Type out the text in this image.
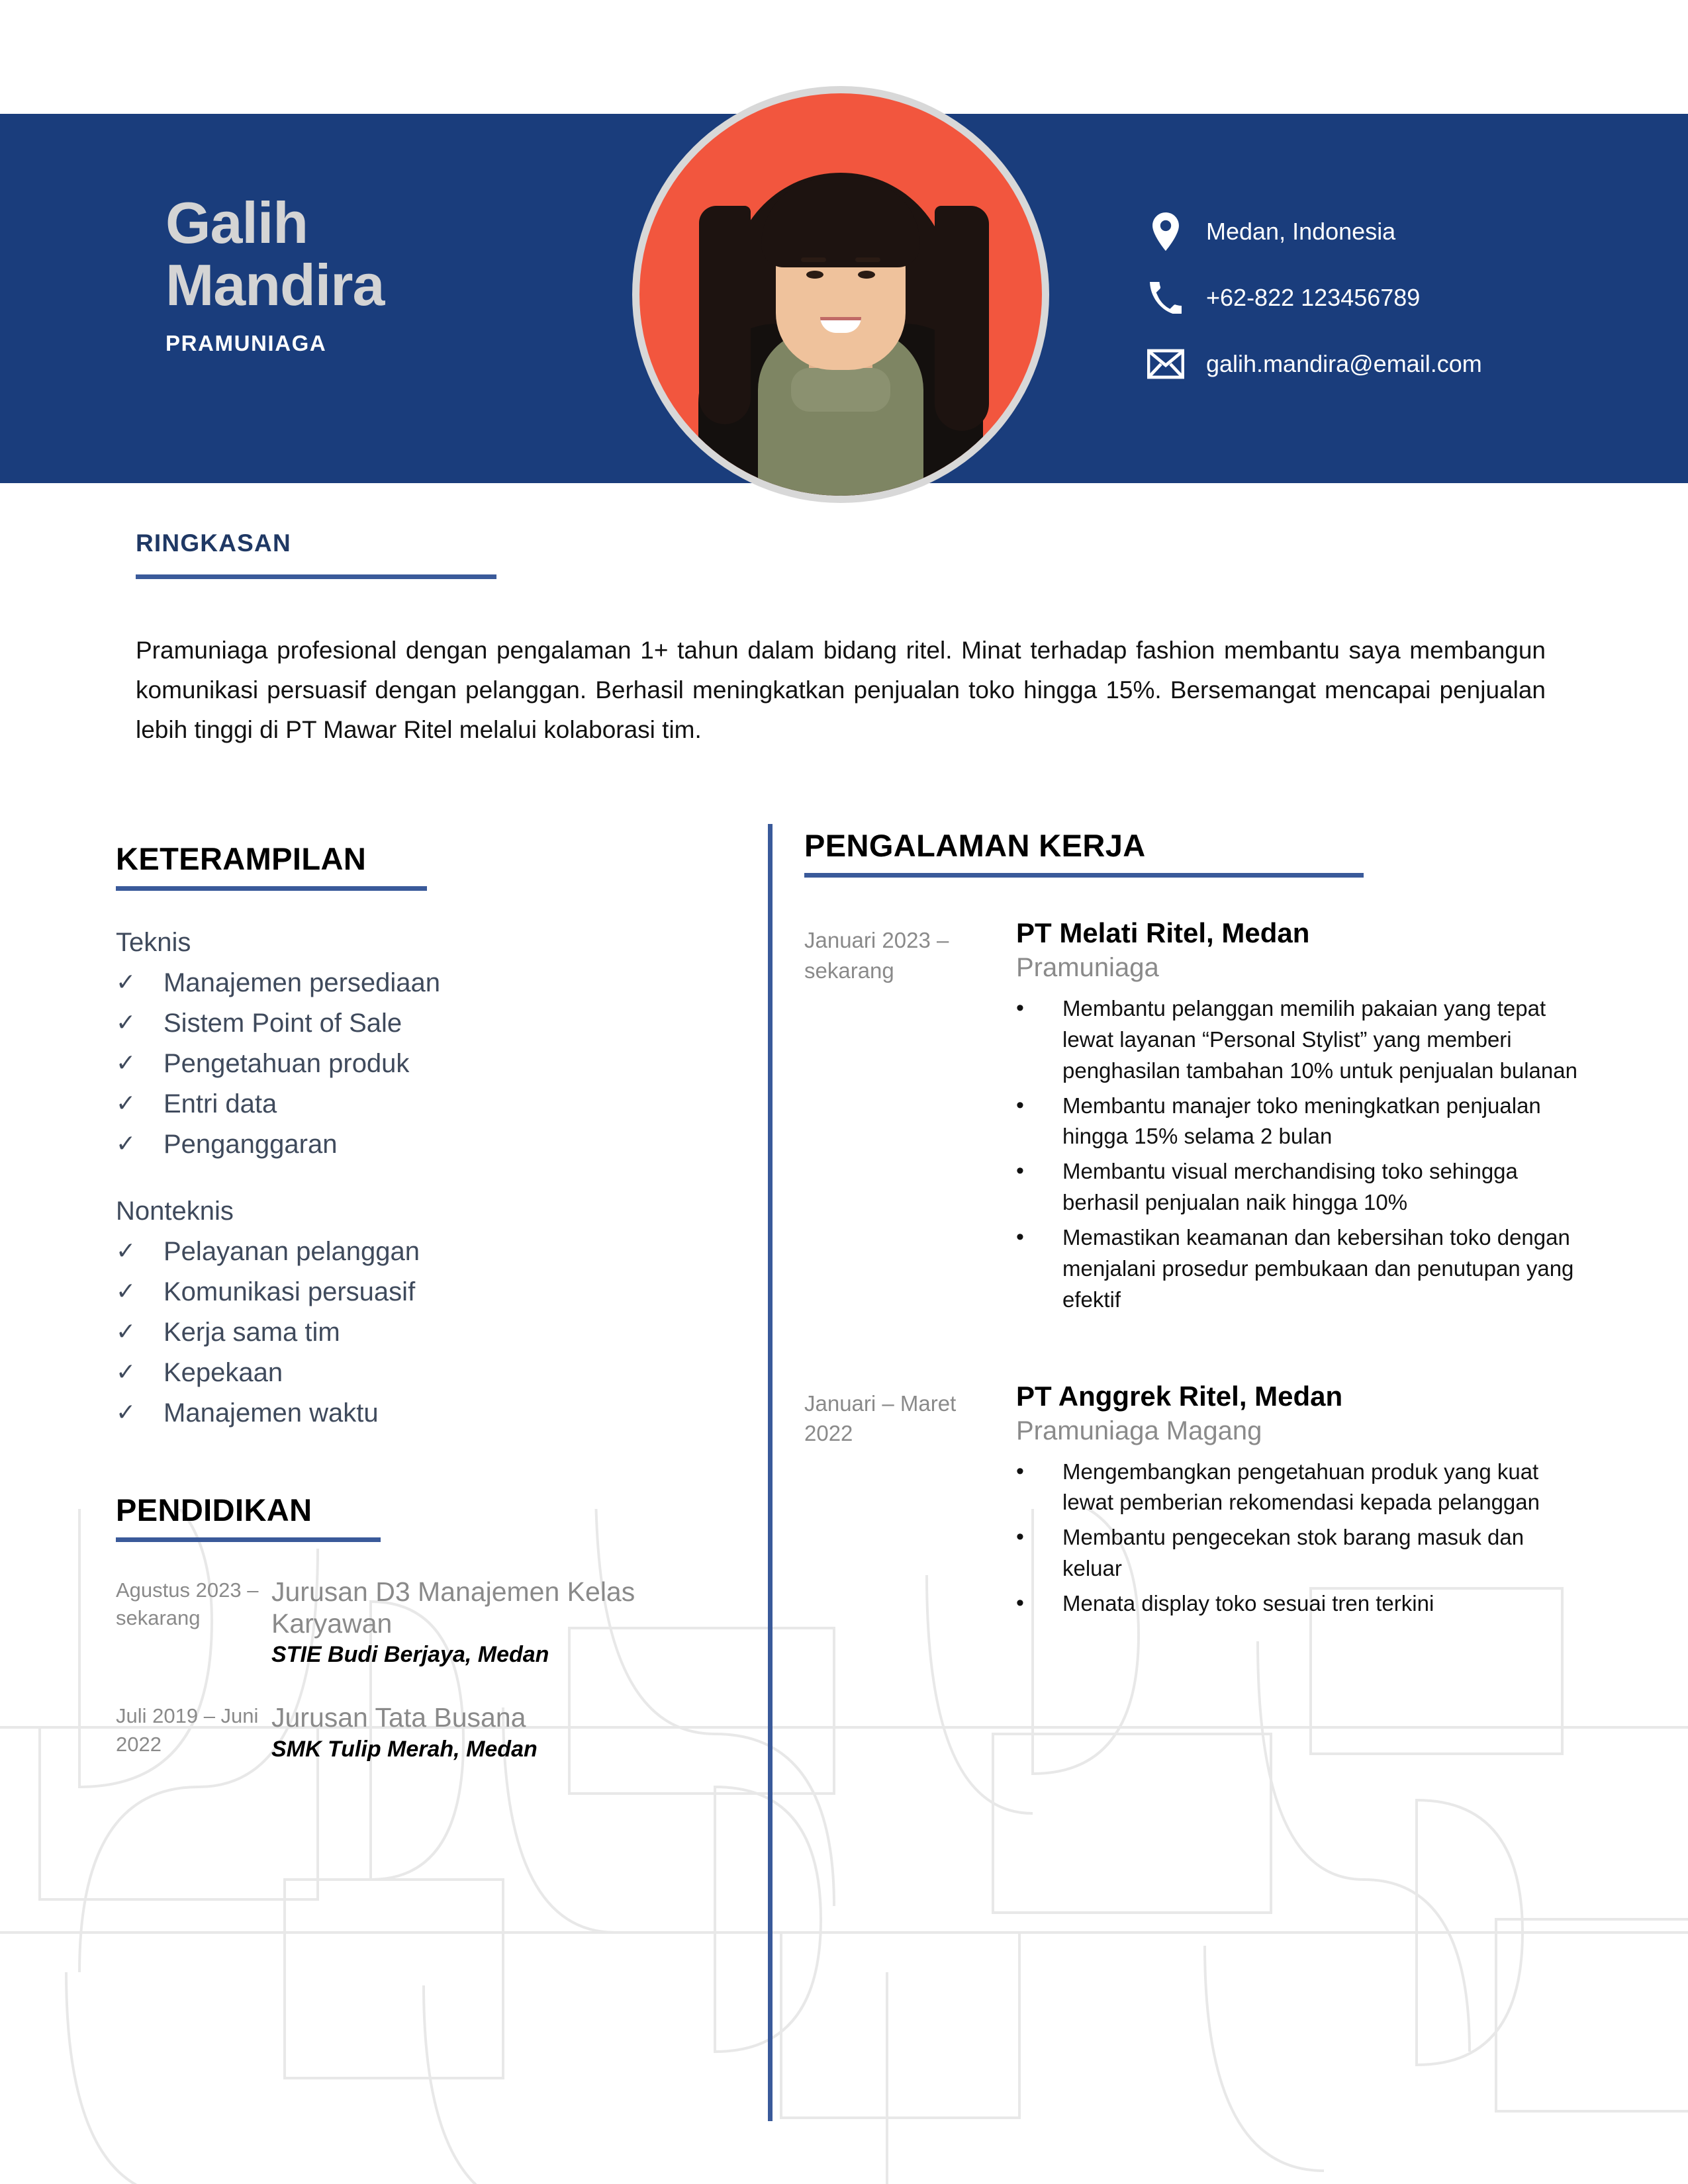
Galih
Mandira
PRAMUNIAGA
Medan, Indonesia
+62-822 123456789
galih.mandira@email.com
RINGKASAN
Pramuniaga profesional dengan pengalaman 1+ tahun dalam bidang ritel. Minat terhadap fashion membantu saya membangun komunikasi persuasif dengan pelanggan. Berhasil meningkatkan penjualan toko hingga 15%. Bersemangat mencapai penjualan lebih tinggi di PT Mawar Ritel melalui kolaborasi tim.
KETERAMPILAN
Teknis
✓	Manajemen persediaan
✓	Sistem Point of Sale
✓	Pengetahuan produk
✓	Entri data
✓	Penganggaran
Nonteknis
✓	Pelayanan pelanggan
✓	Komunikasi persuasif
✓	Kerja sama tim
✓	Kepekaan
✓	Manajemen waktu
PENDIDIKAN
Agustus 2023 – sekarang
Jurusan D3 Manajemen Kelas Karyawan
STIE Budi Berjaya, Medan
Juli 2019 – Juni 2022
Jurusan Tata Busana
SMK Tulip Merah, Medan
PENGALAMAN KERJA
Januari 2023 – sekarang
PT Melati Ritel, Medan
Pramuniaga
•	Membantu pelanggan memilih pakaian yang tepat lewat layanan “Personal Stylist” yang memberi penghasilan tambahan 10% untuk penjualan bulanan
•	Membantu manajer toko meningkatkan penjualan hingga 15% selama 2 bulan
•	Membantu visual merchandising toko sehingga berhasil penjualan naik hingga 10%
•	Memastikan keamanan dan kebersihan toko dengan menjalani prosedur pembukaan dan penutupan yang efektif
Januari – Maret 2022
PT Anggrek Ritel, Medan
Pramuniaga Magang
•	Mengembangkan pengetahuan produk yang kuat lewat pemberian rekomendasi kepada pelanggan
•	Membantu pengecekan stok barang masuk dan keluar
•	Menata display toko sesuai tren terkini
